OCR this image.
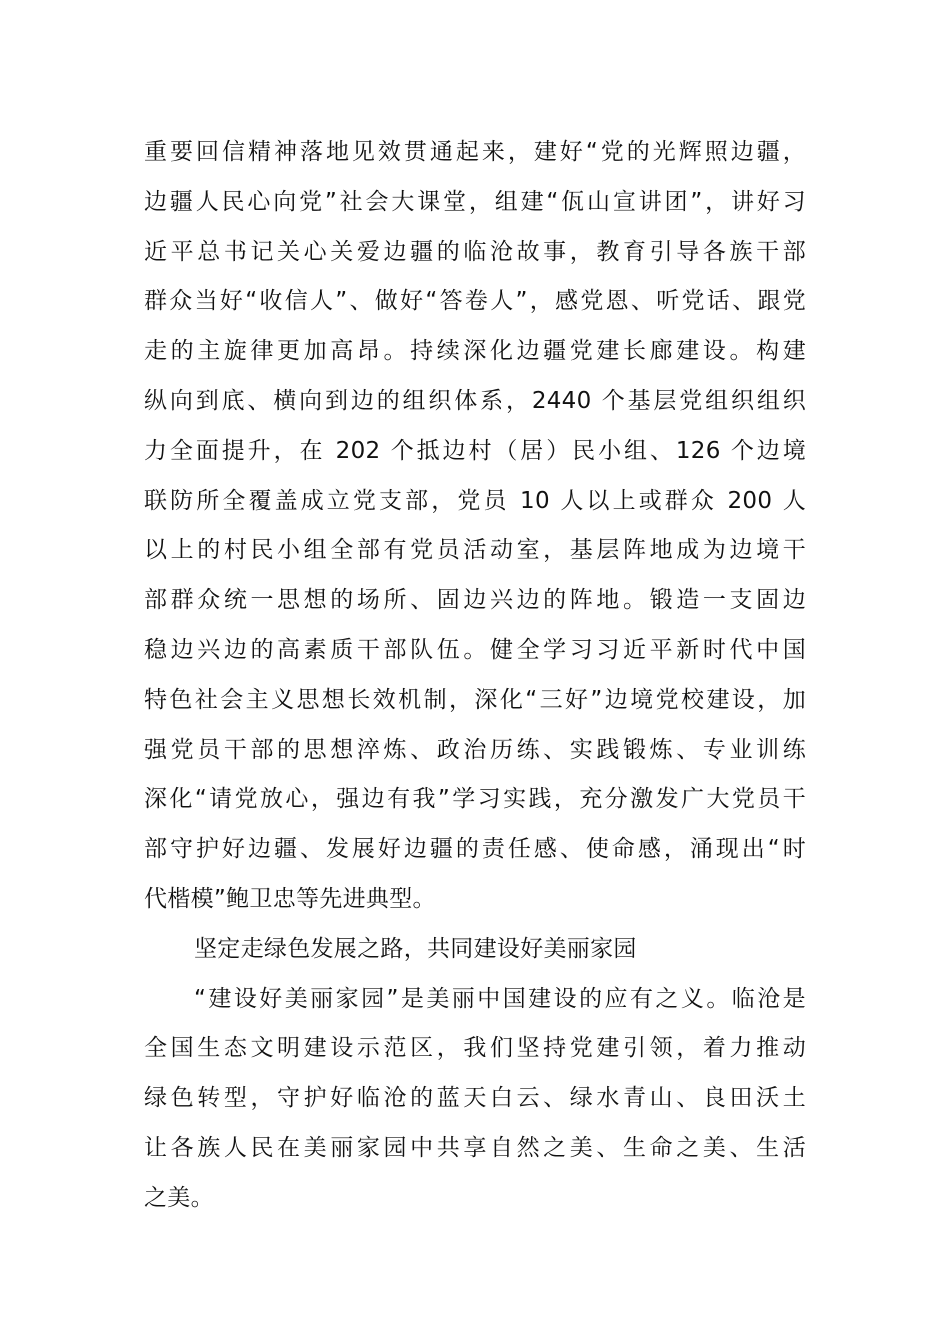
重要回信精神落地见效贯通起来，建好“党的光辉照边疆，
边疆人民心向党”社会大课堂，组建“佤山宣讲团”，讲好习
近平总书记关心关爱边疆的临沧故事，教育引导各族干部
群众当好“收信人”、做好“答卷人”，感党恩、听党话、跟党
走的主旋律更加高昂。持续深化边疆党建长廊建设。构建
纵向到底、横向到边的组织体系，2440 个基层党组织组织
力全面提升，在 202 个抵边村（居）民小组、126 个边境
联防所全覆盖成立党支部，党员 10 人以上或群众 200 人
以上的村民小组全部有党员活动室，基层阵地成为边境干
部群众统一思想的场所、固边兴边的阵地。锻造一支固边
稳边兴边的高素质干部队伍。健全学习习近平新时代中国
特色社会主义思想长效机制，深化“三好”边境党校建设，加
强党员干部的思想淬炼、政治历练、实践锻炼、专业训练
深化“请党放心，强边有我”学习实践，充分激发广大党员干
部守护好边疆、发展好边疆的责任感、使命感，涌现出“时
代楷模”鲍卫忠等先进典型。
坚定走绿色发展之路，共同建设好美丽家园
“建设好美丽家园”是美丽中国建设的应有之义。临沧是
全国生态文明建设示范区，我们坚持党建引领，着力推动
绿色转型，守护好临沧的蓝天白云、绿水青山、良田沃土
让各族人民在美丽家园中共享自然之美、生命之美、生活
之美。
